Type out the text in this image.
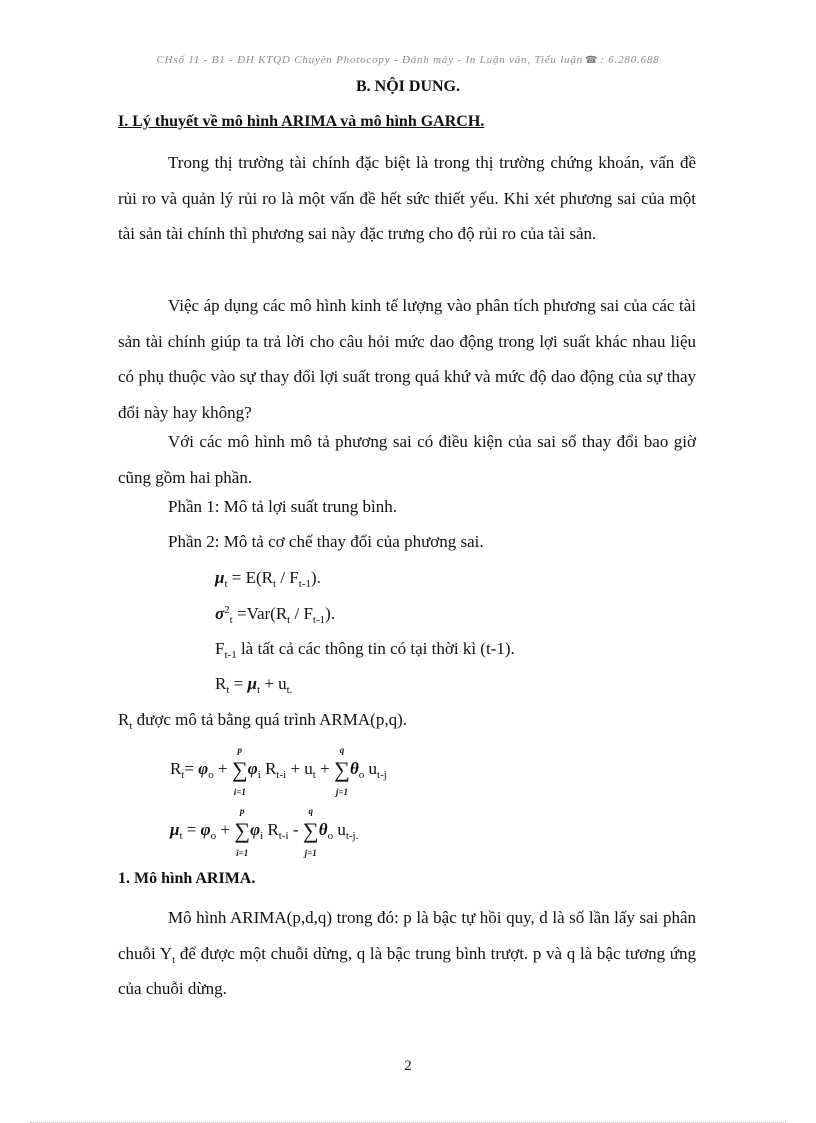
CHsố 11 - B1 - ĐH KTQD Chuyên Photocopy - Đánh máy - In Luận văn, Tiểu luận ☎ : 6.280.688
B. NỘI DUNG.
I. Lý thuyết về mô hình ARIMA và mô hình GARCH.

Trong thị trường tài chính đặc biệt là trong thị trường chứng khoán, vấn đề rủi ro và quản lý rủi ro là một vấn đề hết sức thiết yếu. Khi xét phương sai của một tài sản tài chính thì phương sai này đặc trưng cho độ rủi ro của tài sản.

Việc áp dụng các mô hình kinh tế lượng vào phân tích phương sai của các tài sản tài chính giúp ta trả lời cho câu hỏi mức dao động trong lợi suất khác nhau liệu có phụ thuộc vào sự thay đổi lợi suất trong quá khứ và mức độ dao động của sự thay đổi này hay không?

Với các mô hình mô tả phương sai có điều kiện của sai số thay đổi bao giờ cũng gồm hai phần.

Phần 1: Mô tả lợi suất trung bình.
Phần 2: Mô tả cơ chế thay đổi của phương sai.
$\mu_t = E(R_t / F_{t-1})$.
$\sigma^2_t =Var(R_t / F_{t-1})$.
$F_{t-1}$ là tất cả các thông tin có tại thời kì (t-1).
$R_t = \mu_t + u_{t.}$
$R_t$ được mô tả bằng quá trình ARMA(p,q).
$R_t= \varphi_o$ + ∑
p
i=1
$\varphi_i$ $R_{t-i} + u_t$ + ∑
q
j=1
$\theta_o$ $u_{t-j}$
$\mu_t = \varphi_o$ + ∑
p
i=1
$\varphi_i$ $R_{t-i}$ - ∑
q
j=1
$\theta_o$ $u_{t-j.}$
1. Mô hình ARIMA.

Mô hình ARIMA(p,d,q) trong đó: p là bậc tự hồi quy, d là số lần lấy sai phân chuỗi $Y_t$ để được một chuỗi dừng, q là bậc trung bình trượt. p và q là bậc tương ứng của chuỗi dừng.

2
